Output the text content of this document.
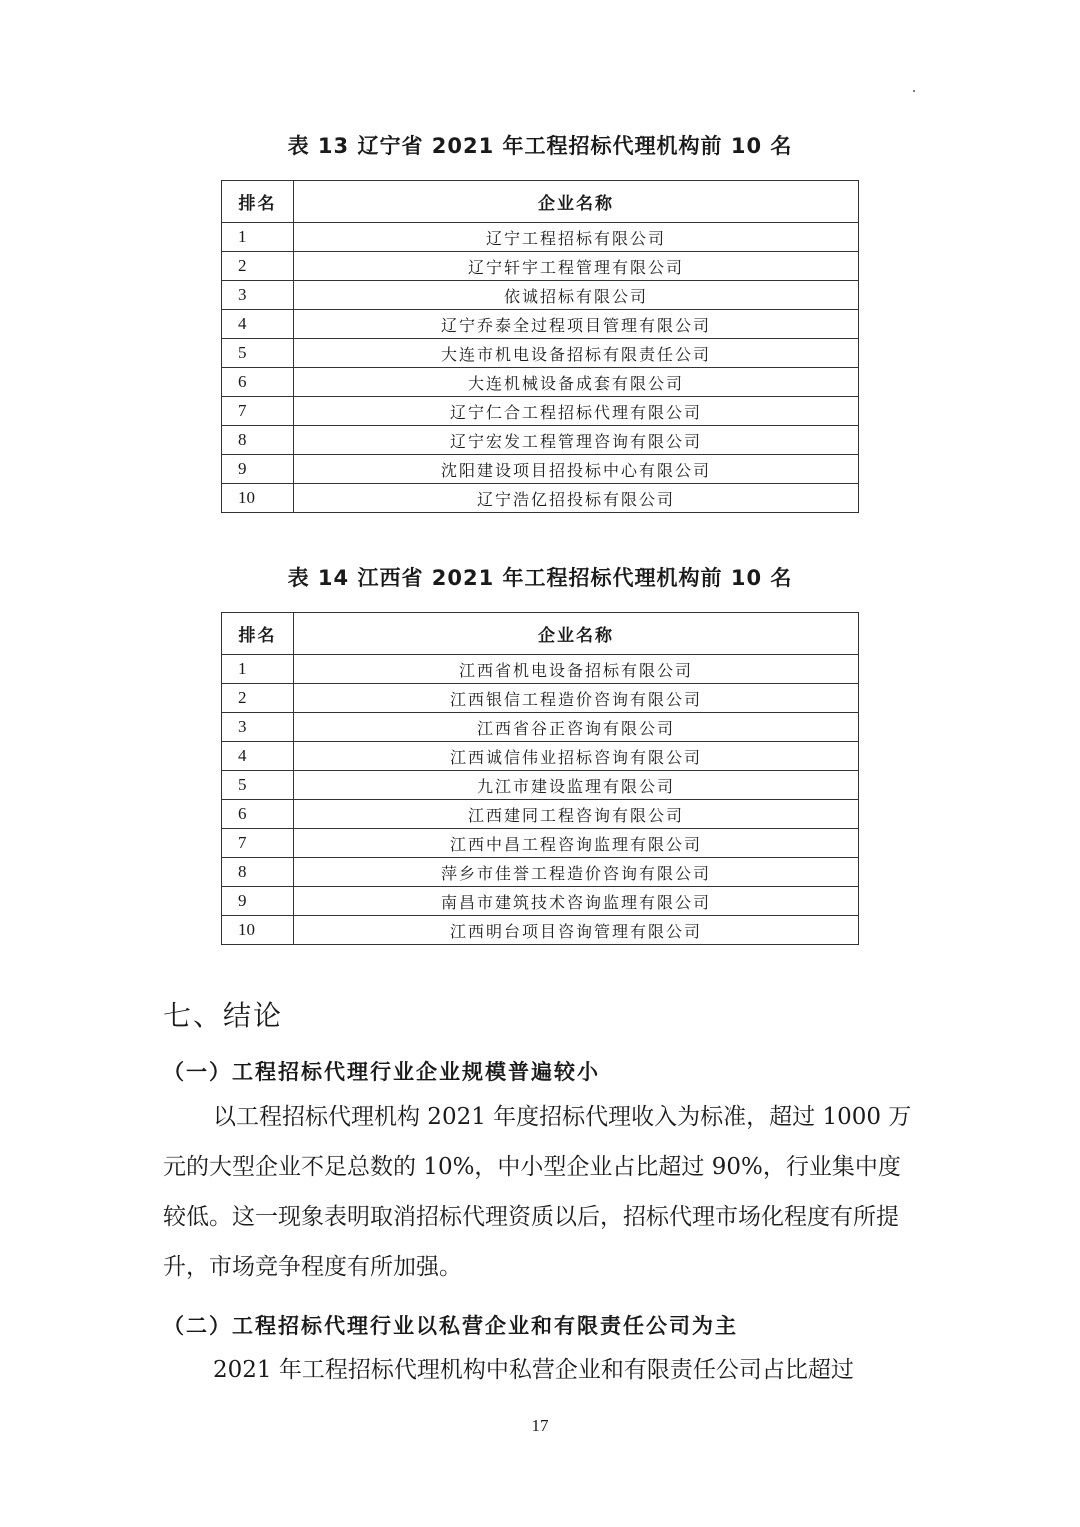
表 13 辽宁省 2021 年工程招标代理机构前 10 名
排名	企业名称
1	辽宁工程招标有限公司
2	辽宁轩宇工程管理有限公司
3	依诚招标有限公司
4	辽宁乔泰全过程项目管理有限公司
5	大连市机电设备招标有限责任公司
6	大连机械设备成套有限公司
7	辽宁仁合工程招标代理有限公司
8	辽宁宏发工程管理咨询有限公司
9	沈阳建设项目招投标中心有限公司
10	辽宁浩亿招投标有限公司
表 14 江西省 2021 年工程招标代理机构前 10 名
排名	企业名称
1	江西省机电设备招标有限公司
2	江西银信工程造价咨询有限公司
3	江西省谷正咨询有限公司
4	江西诚信伟业招标咨询有限公司
5	九江市建设监理有限公司
6	江西建同工程咨询有限公司
7	江西中昌工程咨询监理有限公司
8	萍乡市佳誉工程造价咨询有限公司
9	南昌市建筑技术咨询监理有限公司
10	江西明台项目咨询管理有限公司
七、结论
（一）工程招标代理行业企业规模普遍较小

以工程招标代理机构 2021 年度招标代理收入为标准，超过 1000 万元的大型企业不足总数的 10%，中小型企业占比超过 90%，行业集中度较低。这一现象表明取消招标代理资质以后，招标代理市场化程度有所提升，市场竞争程度有所加强。

（二）工程招标代理行业以私营企业和有限责任公司为主

2021 年工程招标代理机构中私营企业和有限责任公司占比超过

17
